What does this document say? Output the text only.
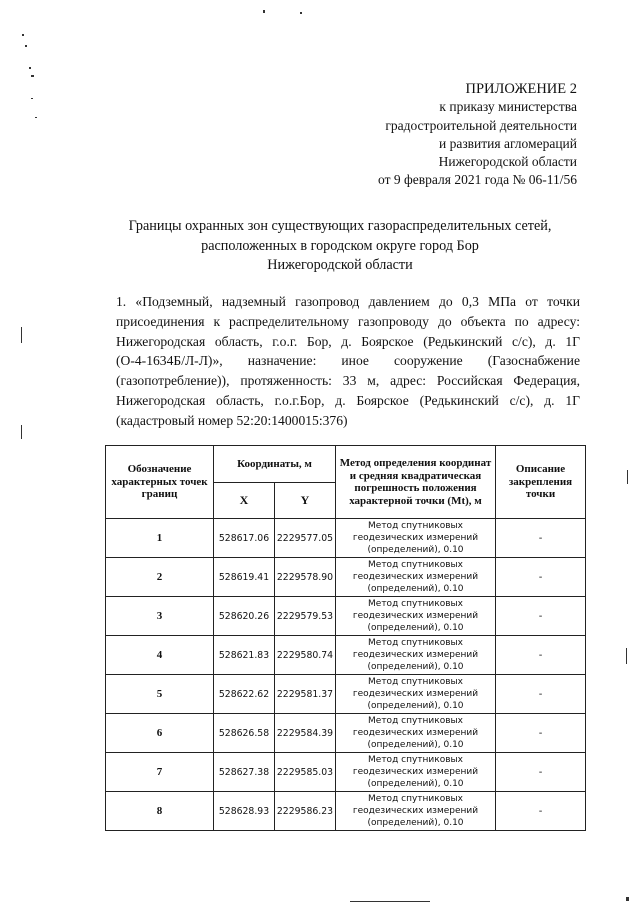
ПРИЛОЖЕНИЕ 2
к приказу министерства
градостроительной деятельности
и развития агломераций
Нижегородской области
от 9 февраля 2021 года № 06-11/56
Границы охранных зон существующих газораспределительных сетей,
расположенных в городском округе город Бор
Нижегородской области
1. «Подземный, надземный газопровод давлением до 0,3 МПа от точки
присоединения к распределительному газопроводу до объекта по адресу:
Нижегородская область, г.о.г. Бор, д. Боярское (Редькинский с/с), д. 1Г
(О-4-1634Б/Л-Л)», назначение: иное сооружение (Газоснабжение
(газопотребление)), протяженность: 33 м, адрес: Российская Федерация,
Нижегородская область, г.о.г.Бор, д. Боярское (Редькинский с/с), д. 1Г
(кадастровый номер 52:20:1400015:376)
Обозначение характерных точек границ	Координаты, м		Метод определения координат и средняя квадратическая погрешность положения характерной точки (Mt), м	Описание закрепления точки
	X	Y		
1	528617.06	2229577.05	Метод спутниковых геодезических измерений (определений), 0.10	-
2	528619.41	2229578.90	Метод спутниковых геодезических измерений (определений), 0.10	-
3	528620.26	2229579.53	Метод спутниковых геодезических измерений (определений), 0.10	-
4	528621.83	2229580.74	Метод спутниковых геодезических измерений (определений), 0.10	-
5	528622.62	2229581.37	Метод спутниковых геодезических измерений (определений), 0.10	-
6	528626.58	2229584.39	Метод спутниковых геодезических измерений (определений), 0.10	-
7	528627.38	2229585.03	Метод спутниковых геодезических измерений (определений), 0.10	-
8	528628.93	2229586.23	Метод спутниковых геодезических измерений (определений), 0.10	-
